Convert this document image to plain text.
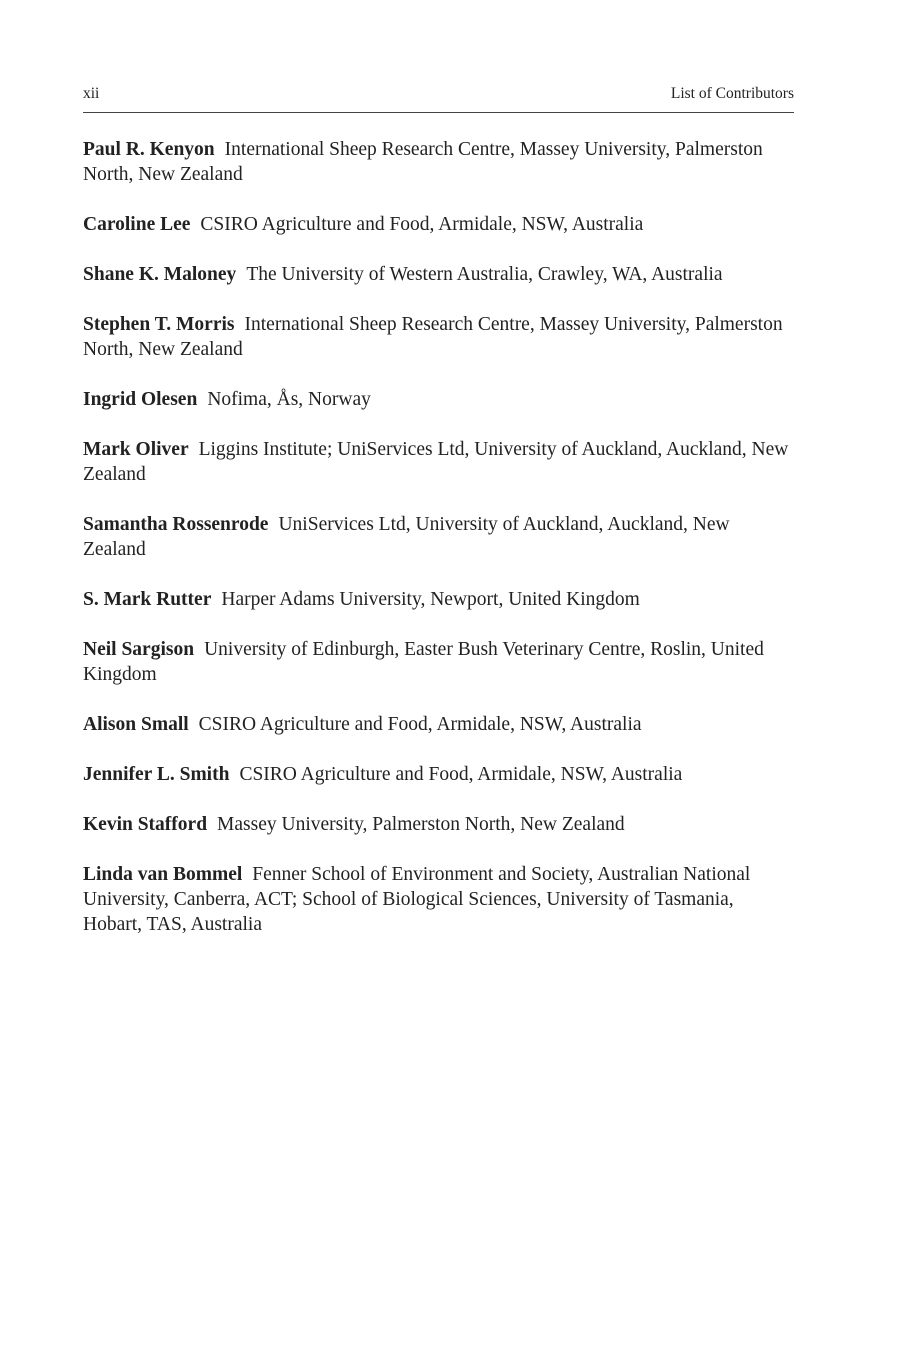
xii	List of Contributors

Paul R. Kenyon International Sheep Research Centre, Massey University, Palmerston North, New Zealand

Caroline Lee CSIRO Agriculture and Food, Armidale, NSW, Australia

Shane K. Maloney The University of Western Australia, Crawley, WA, Australia

Stephen T. Morris International Sheep Research Centre, Massey University, Palmerston North, New Zealand

Ingrid Olesen Nofima, Ås, Norway

Mark Oliver Liggins Institute; UniServices Ltd, University of Auckland, Auckland, New Zealand

Samantha Rossenrode UniServices Ltd, University of Auckland, Auckland, New Zealand

S. Mark Rutter Harper Adams University, Newport, United Kingdom

Neil Sargison University of Edinburgh, Easter Bush Veterinary Centre, Roslin, United Kingdom

Alison Small CSIRO Agriculture and Food, Armidale, NSW, Australia

Jennifer L. Smith CSIRO Agriculture and Food, Armidale, NSW, Australia

Kevin Stafford Massey University, Palmerston North, New Zealand

Linda van Bommel Fenner School of Environment and Society, Australian National University, Canberra, ACT; School of Biological Sciences, University of Tasmania, Hobart, TAS, Australia
